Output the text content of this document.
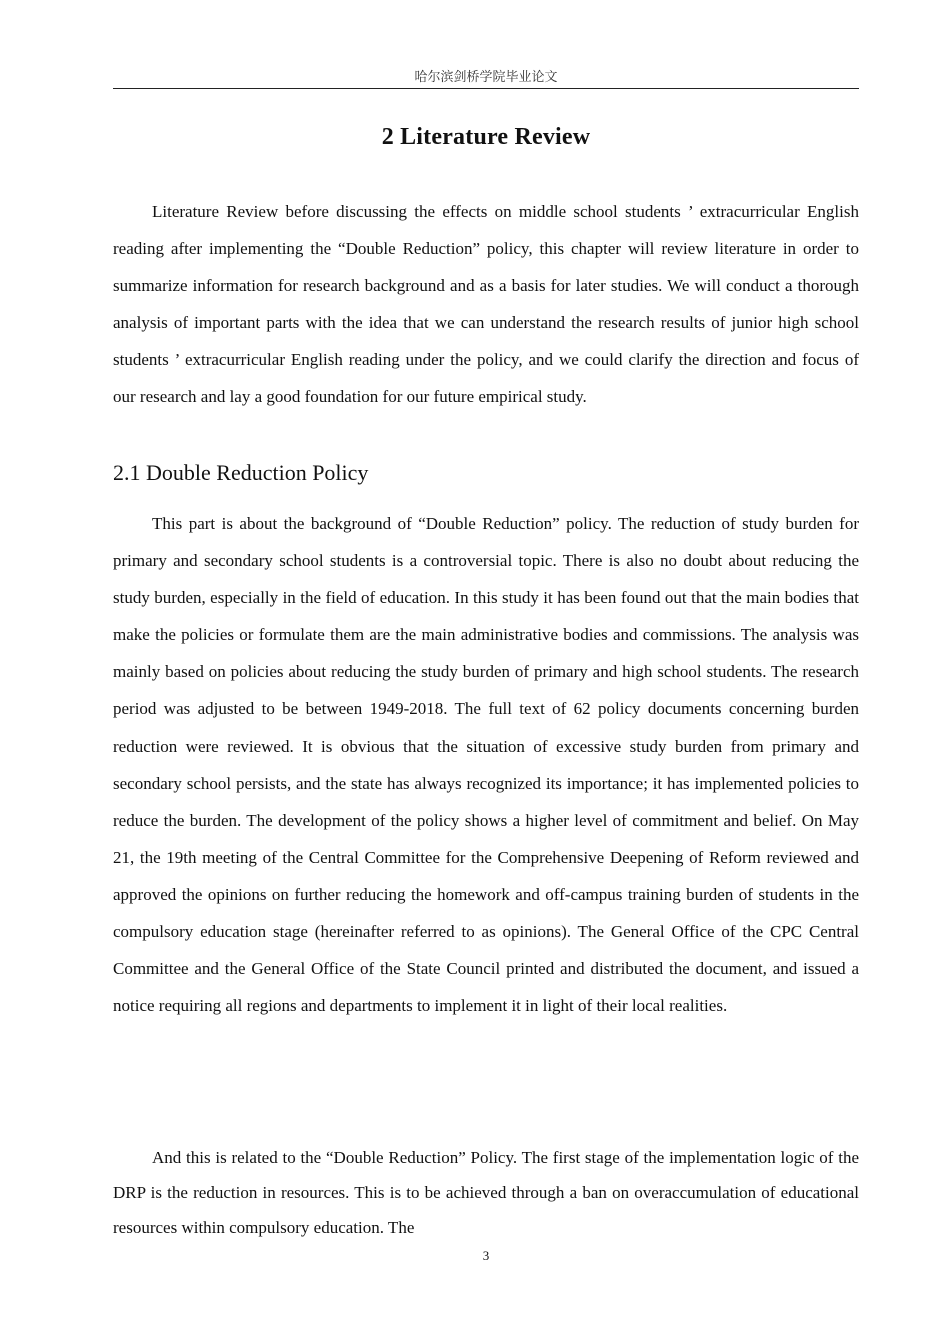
哈尔滨剑桥学院毕业论文
2 Literature Review

Literature Review before discussing the effects on middle school students ’ extracurricular English reading after implementing the “Double Reduction” policy, this chapter will review literature in order to summarize information for research background and as a basis for later studies. We will conduct a thorough analysis of important parts with the idea that we can understand the research results of junior high school students ’ extracurricular English reading under the policy, and we could clarify the direction and focus of our research and lay a good foundation for our future empirical study.

2.1 Double Reduction Policy

This part is about the background of “Double Reduction” policy. The reduction of study burden for primary and secondary school students is a controversial topic. There is also no doubt about reducing the study burden, especially in the field of education. In this study it has been found out that the main bodies that make the policies or formulate them are the main administrative bodies and commissions. The analysis was mainly based on policies about reducing the study burden of primary and high school students. The research period was adjusted to be between 1949-2018. The full text of 62 policy documents concerning burden reduction were reviewed. It is obvious that the situation of excessive study burden from primary and secondary school persists, and the state has always recognized its importance; it has implemented policies to reduce the burden. The development of the policy shows a higher level of commitment and belief. On May 21, the 19th meeting of the Central Committee for the Comprehensive Deepening of Reform reviewed and approved the opinions on further reducing the homework and off-campus training burden of students in the compulsory education stage (hereinafter referred to as opinions). The General Office of the CPC Central Committee and the General Office of the State Council printed and distributed the document, and issued a notice requiring all regions and departments to implement it in light of their local realities.

And this is related to the “Double Reduction” Policy. The first stage of the implementation logic of the DRP is the reduction in resources. This is to be achieved through a ban on overaccumulation of educational resources within compulsory education. The

3
